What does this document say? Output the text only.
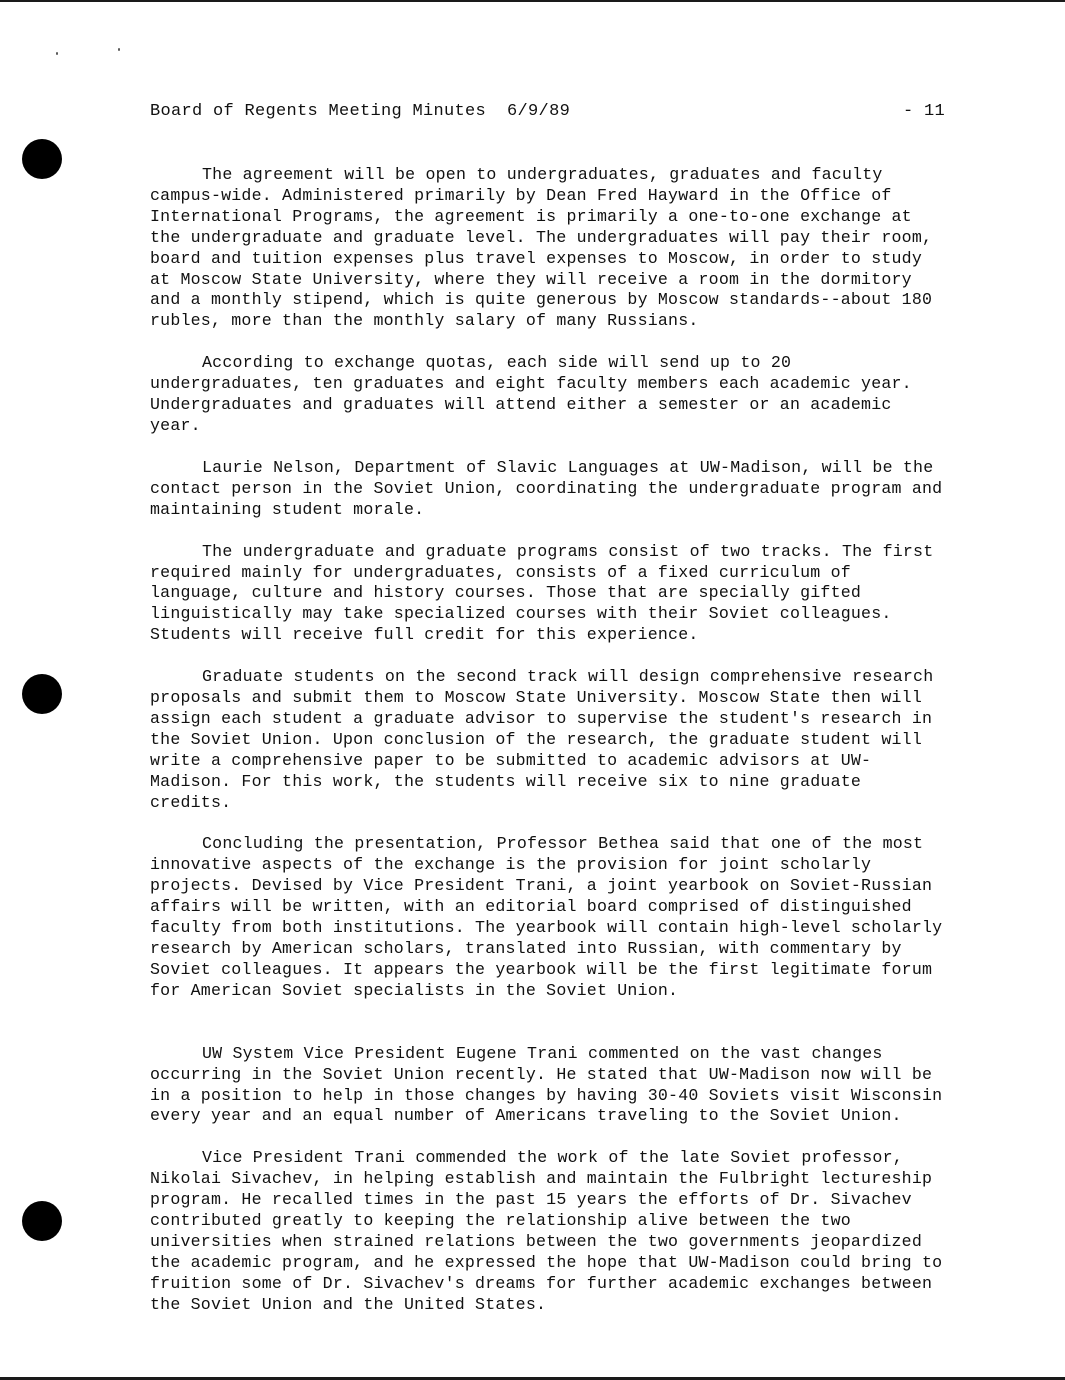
Board of Regents Meeting Minutes  6/9/89	- 11

The agreement will be open to undergraduates, graduates and faculty campus-wide. Administered primarily by Dean Fred Hayward in the Office of International Programs, the agreement is primarily a one-to-one exchange at the undergraduate and graduate level. The undergraduates will pay their room, board and tuition expenses plus travel expenses to Moscow, in order to study at Moscow State University, where they will receive a room in the dormitory and a monthly stipend, which is quite generous by Moscow standards--about 180 rubles, more than the monthly salary of many Russians.

According to exchange quotas, each side will send up to 20 undergraduates, ten graduates and eight faculty members each academic year. Undergraduates and graduates will attend either a semester or an academic year.

Laurie Nelson, Department of Slavic Languages at UW-Madison, will be the contact person in the Soviet Union, coordinating the undergraduate program and maintaining student morale.

The undergraduate and graduate programs consist of two tracks. The first required mainly for undergraduates, consists of a fixed curriculum of language, culture and history courses. Those that are specially gifted linguistically may take specialized courses with their Soviet colleagues. Students will receive full credit for this experience.

Graduate students on the second track will design comprehensive research proposals and submit them to Moscow State University. Moscow State then will assign each student a graduate advisor to supervise the student's research in the Soviet Union. Upon conclusion of the research, the graduate student will write a comprehensive paper to be submitted to academic advisors at UW-Madison. For this work, the students will receive six to nine graduate credits.

Concluding the presentation, Professor Bethea said that one of the most innovative aspects of the exchange is the provision for joint scholarly projects. Devised by Vice President Trani, a joint yearbook on Soviet-Russian affairs will be written, with an editorial board comprised of distinguished faculty from both institutions. The yearbook will contain high-level scholarly research by American scholars, translated into Russian, with commentary by Soviet colleagues. It appears the yearbook will be the first legitimate forum for American Soviet specialists in the Soviet Union.

UW System Vice President Eugene Trani commented on the vast changes occurring in the Soviet Union recently. He stated that UW-Madison now will be in a position to help in those changes by having 30-40 Soviets visit Wisconsin every year and an equal number of Americans traveling to the Soviet Union.

Vice President Trani commended the work of the late Soviet professor, Nikolai Sivachev, in helping establish and maintain the Fulbright lectureship program. He recalled times in the past 15 years the efforts of Dr. Sivachev contributed greatly to keeping the relationship alive between the two universities when strained relations between the two governments jeopardized the academic program, and he expressed the hope that UW-Madison could bring to fruition some of Dr. Sivachev's dreams for further academic exchanges between the Soviet Union and the United States.
